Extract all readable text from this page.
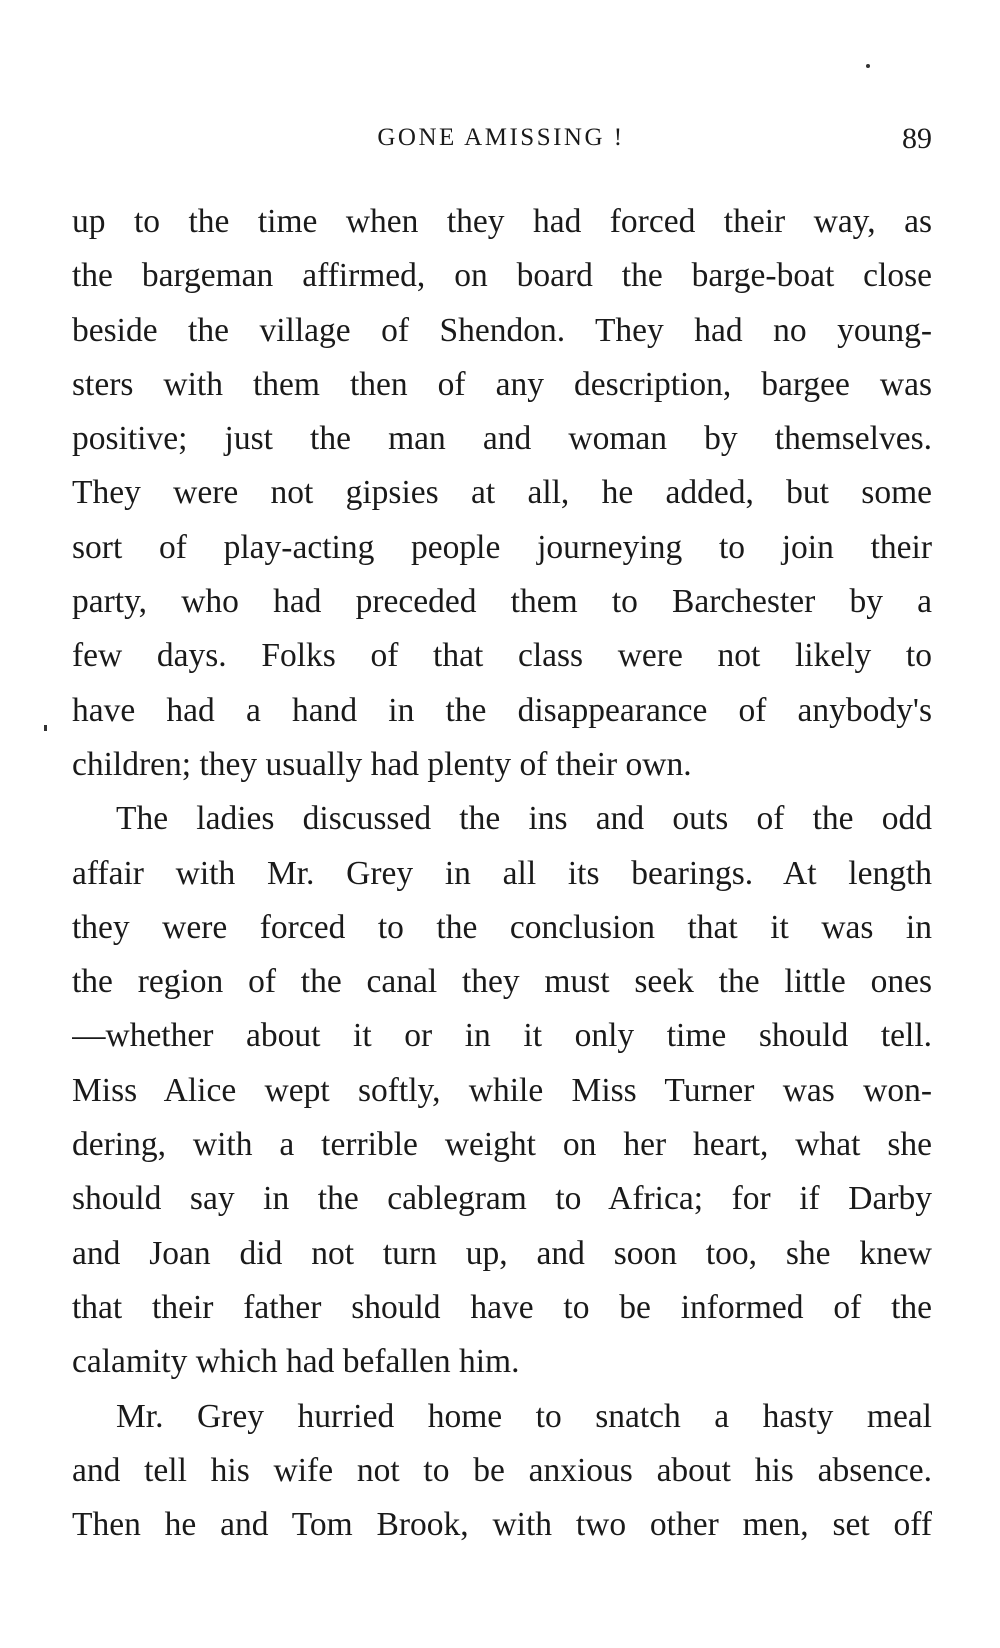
GONE AMISSING !	89
up to the time when they had forced their way, as
the bargeman affirmed, on board the barge-boat close
beside the village of Shendon. They had no young-
sters with them then of any description, bargee was
positive; just the man and woman by themselves.
They were not gipsies at all, he added, but some
sort of play-acting people journeying to join their
party, who had preceded them to Barchester by a
few days. Folks of that class were not likely to
have had a hand in the disappearance of anybody's
children; they usually had plenty of their own.
The ladies discussed the ins and outs of the odd
affair with Mr. Grey in all its bearings. At length
they were forced to the conclusion that it was in
the region of the canal they must seek the little ones
—whether about it or in it only time should tell.
Miss Alice wept softly, while Miss Turner was won-
dering, with a terrible weight on her heart, what she
should say in the cablegram to Africa; for if Darby
and Joan did not turn up, and soon too, she knew
that their father should have to be informed of the
calamity which had befallen him.
Mr. Grey hurried home to snatch a hasty meal
and tell his wife not to be anxious about his absence.
Then he and Tom Brook, with two other men, set off
